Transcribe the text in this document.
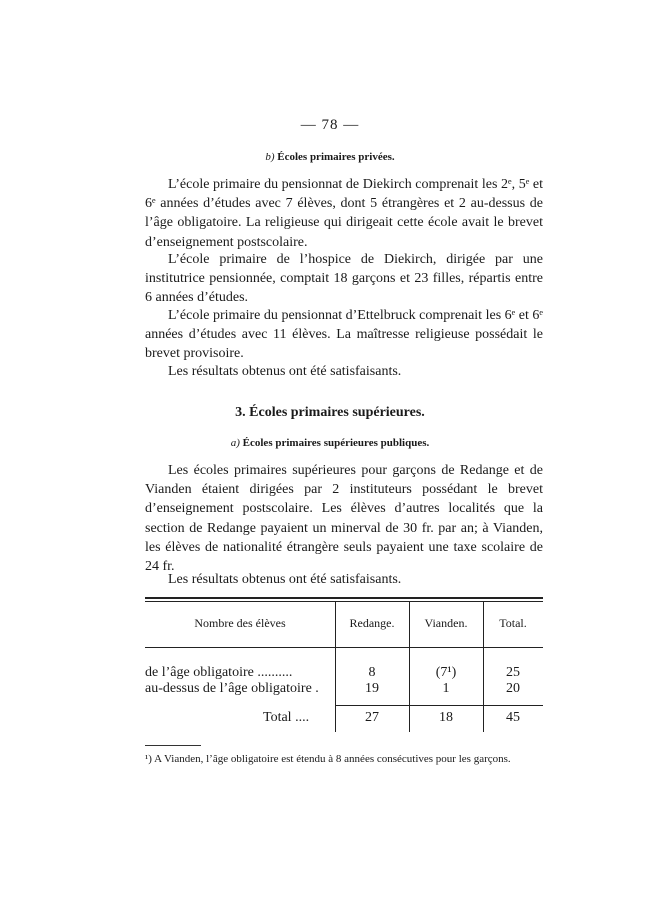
— 78 —
b) Écoles primaires privées.

L’école primaire du pensionnat de Diekirch comprenait les 2ᵉ, 5ᵉ et 6ᵉ années d’études avec 7 élèves, dont 5 étrangères et 2 au-dessus de l’âge obligatoire. La religieuse qui dirigeait cette école avait le brevet d’enseignement postscolaire.

L’école primaire de l’hospice de Diekirch, dirigée par une institutrice pensionnée, comptait 18 garçons et 23 filles, répartis entre 6 années d’études.

L’école primaire du pensionnat d’Ettelbruck comprenait les 6ᵉ et 6ᵉ années d’études avec 11 élèves. La maîtresse religieuse possédait le brevet provisoire.

Les résultats obtenus ont été satisfaisants.

3. Écoles primaires supérieures.
a) Écoles primaires supérieures publiques.

Les écoles primaires supérieures pour garçons de Redange et de Vianden étaient dirigées par 2 instituteurs possédant le brevet d’enseignement postscolaire. Les élèves d’autres localités que la section de Redange payaient un minerval de 30 fr. par an; à Vianden, les élèves de nationalité étrangère seuls payaient une taxe scolaire de 24 fr.

Les résultats obtenus ont été satisfaisants.

Nombre des élèves	Redange.	Vianden.	Total.
de l’âge obligatoire ..........	8	(7¹)	25
au-dessus de l’âge obligatoire .	19	1	20
Total ....	27	18	45

¹) A Vianden, l’âge obligatoire est étendu à 8 années consécutives pour les garçons.
